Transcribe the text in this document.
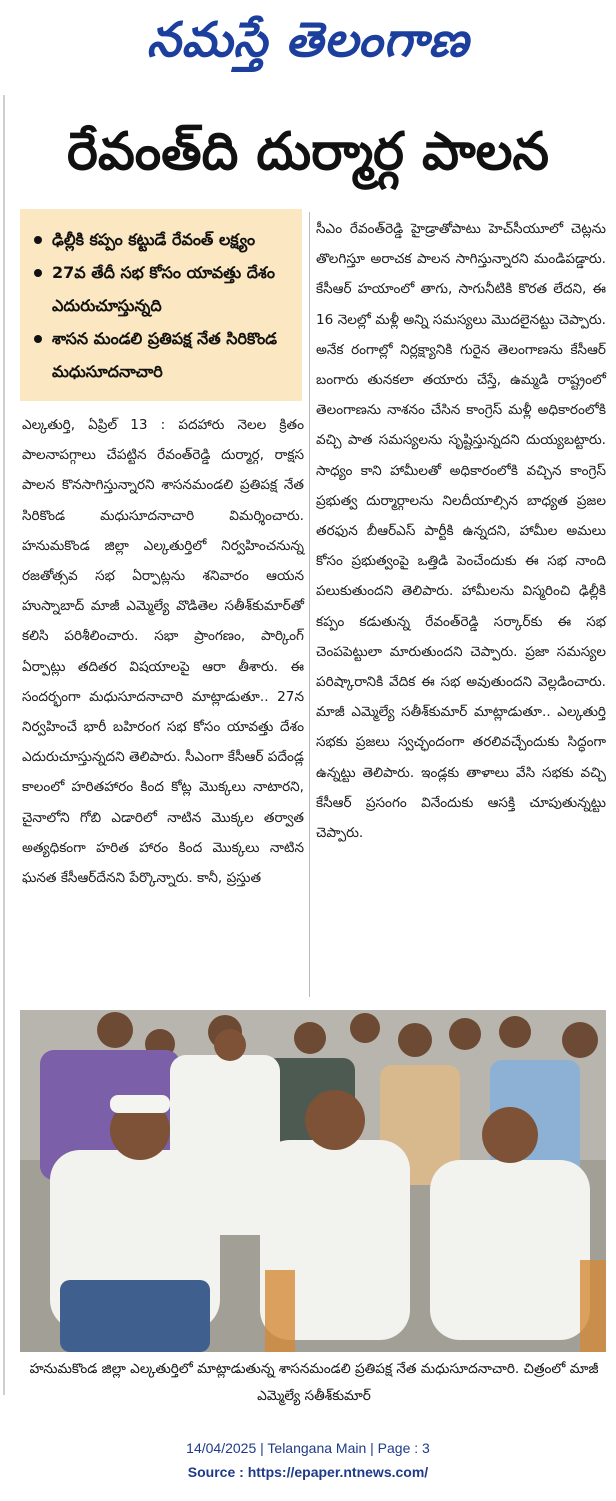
నమస్తే తెలంగాణ
రేవంత్‌ది దుర్మార్గ పాలన
ఢిల్లీకి కప్పం కట్టుడే రేవంత్ లక్ష్యం
27వ తేదీ సభ కోసం యావత్తు దేశం ఎదురుచూస్తున్నది
శాసన మండలి ప్రతిపక్ష నేత సిరికొండ మధుసూదనాచారి

ఎల్కతుర్తి, ఏప్రిల్ 13 : పదహారు నెలల క్రితం పాలనాపగ్గాలు చేపట్టిన రేవంత్‌రెడ్డి దుర్మార్గ, రాక్షస పాలన కొనసాగిస్తున్నారని శాసనమండలి ప్రతిపక్ష నేత సిరికొండ మధుసూదనాచారి విమర్శించారు. హనుమకొండ జిల్లా ఎల్కతుర్తిలో నిర్వహించనున్న రజతోత్సవ సభ ఏర్పాట్లను శనివారం ఆయన హుస్నాబాద్ మాజీ ఎమ్మెల్యే వొడితెల సతీశ్‌కుమార్‌తో కలిసి పరిశీలించారు. సభా ప్రాంగణం, పార్కింగ్ ఏర్పాట్లు తదితర విషయాలపై ఆరా తీశారు. ఈ సందర్భంగా మధుసూదనాచారి మాట్లాడుతూ.. 27న నిర్వహించే భారీ బహిరంగ సభ కోసం యావత్తు దేశం ఎదురుచూస్తున్నదని తెలిపారు. సీఎంగా కేసీఆర్ పదేండ్ల కాలంలో హరితహారం కింద కోట్ల మొక్కలు నాటారని, చైనాలోని గోబి ఎడారిలో నాటిన మొక్కల తర్వాత అత్యధికంగా హరిత హారం కింద మొక్కలు నాటిన ఘనత కేసీఆర్‌దేనని పేర్కొన్నారు. కానీ, ప్రస్తుత

సీఎం రేవంత్‌రెడ్డి హైడ్రాతోపాటు హెచ్‌సీయూలో చెట్లను తొలగిస్తూ అరాచక పాలన సాగిస్తున్నారని మండిపడ్డారు. కేసీఆర్ హయాంలో తాగు, సాగునీటికి కొరత లేదని, ఈ 16 నెలల్లో మళ్లీ అన్ని సమస్యలు మొదలైనట్టు చెప్పారు. అనేక రంగాల్లో నిర్లక్ష్యానికి గురైన తెలంగాణను కేసీఆర్ బంగారు తునకలా తయారు చేస్తే, ఉమ్మడి రాష్ట్రంలో తెలంగాణను నాశనం చేసిన కాంగ్రెస్ మళ్లీ అధికారంలోకి వచ్చి పాత సమస్యలను సృష్టిస్తున్నదని దుయ్యబట్టారు. సాధ్యం కాని హామీలతో అధికారంలోకి వచ్చిన కాంగ్రెస్ ప్రభుత్వ దుర్మార్గాలను నిలదీయాల్సిన బాధ్యత ప్రజల తరఫున బీఆర్‌ఎస్ పార్టీకి ఉన్నదని, హామీల అమలు కోసం ప్రభుత్వంపై ఒత్తిడి పెంచేందుకు ఈ సభ నాంది పలుకుతుందని తెలిపారు. హామీలను విస్మరించి ఢిల్లీకి కప్పం కడుతున్న రేవంత్‌రెడ్డి సర్కార్‌కు ఈ సభ చెంపపెట్టులా మారుతుందని చెప్పారు. ప్రజా సమస్యల పరిష్కారానికి వేదిక ఈ సభ అవుతుందని వెల్లడించారు. మాజీ ఎమ్మెల్యే సతీశ్‌కుమార్ మాట్లాడుతూ.. ఎల్కతుర్తి సభకు ప్రజలు స్వచ్ఛందంగా తరలివచ్చేందుకు సిద్ధంగా ఉన్నట్టు తెలిపారు. ఇండ్లకు తాళాలు వేసి సభకు వచ్చి కేసీఆర్ ప్రసంగం వినేందుకు ఆసక్తి చూపుతున్నట్టు చెప్పారు.

హనుమకొండ జిల్లా ఎల్కతుర్తిలో మాట్లాడుతున్న శాసనమండలి ప్రతిపక్ష నేత మధుసూదనాచారి. చిత్రంలో మాజీ ఎమ్మెల్యే సతీశ్‌కుమార్
14/04/2025 | Telangana Main | Page : 3
Source : https://epaper.ntnews.com/
